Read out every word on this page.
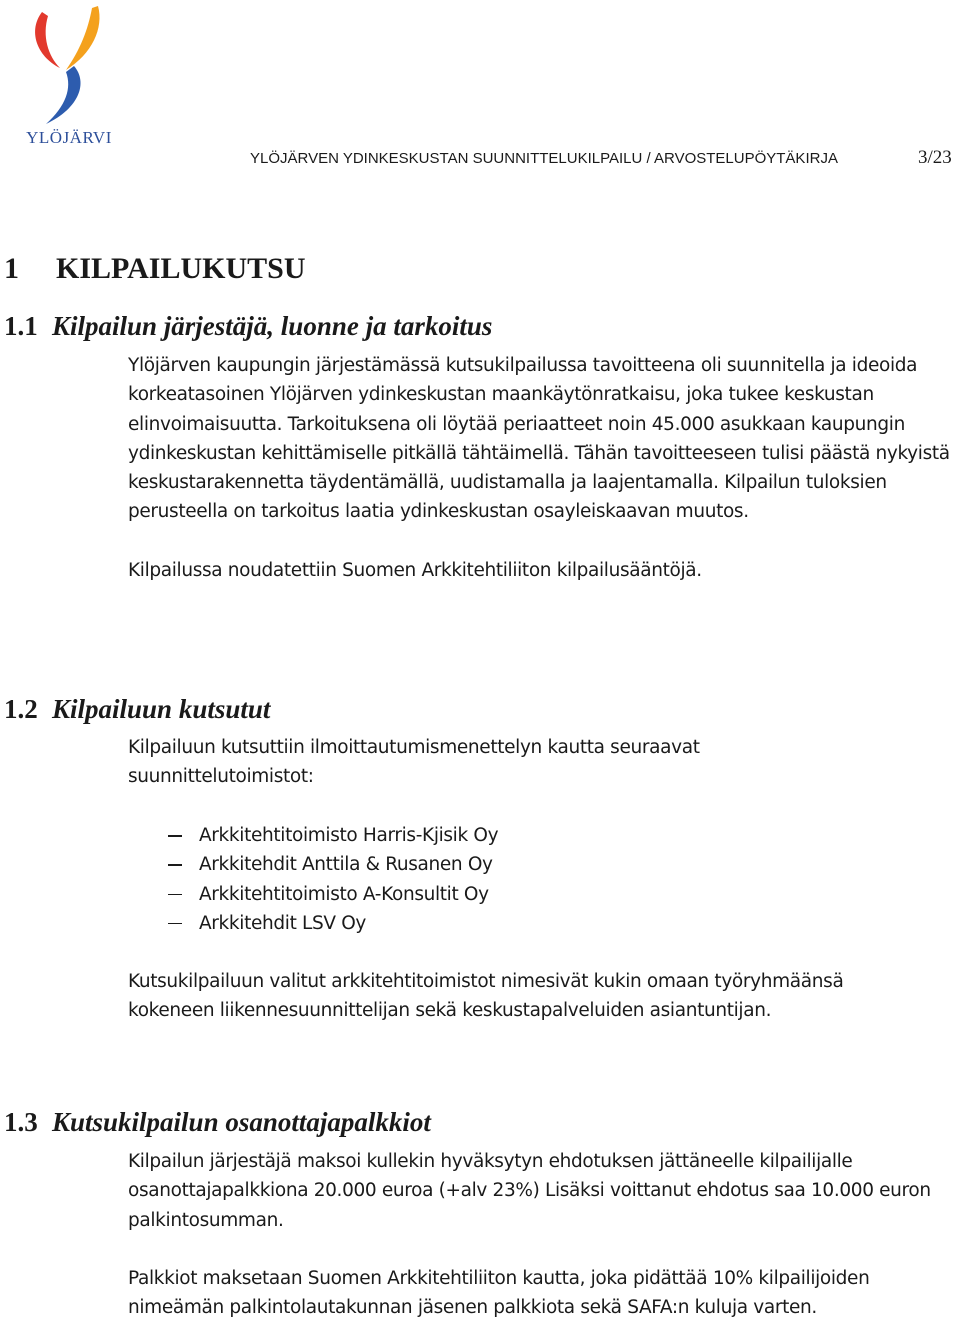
YLÖJÄRVI
YLÖJÄRVEN YDINKESKUSTAN SUUNNITTELUKILPAILU / ARVOSTELUPÖYTÄKIRJA	3/23
1 KILPAILUKUTSU
1.1 Kilpailun järjestäjä, luonne ja tarkoitus

Ylöjärven kaupungin järjestämässä kutsukilpailussa tavoitteena oli suunnitella ja ideoida korkeatasoinen Ylöjärven ydinkeskustan maankäytönratkaisu, joka tukee keskustan elinvoimaisuutta. Tarkoituksena oli löytää periaatteet noin 45.000 asukkaan kaupungin ydinkeskustan kehittämiselle pitkällä tähtäimellä. Tähän tavoitteeseen tulisi päästä nykyistä keskustarakennetta täydentämällä, uudistamalla ja laajentamalla. Kilpailun tuloksien perusteella on tarkoitus laatia ydinkeskustan osayleiskaavan muutos.

Kilpailussa noudatettiin Suomen Arkkitehtiliiton kilpailusääntöjä.

1.2 Kilpailuun kutsutut

Kilpailuun kutsuttiin ilmoittautumismenettelyn kautta seuraavat suunnittelutoimistot:

Arkkitehtitoimisto Harris-Kjisik Oy
Arkkitehdit Anttila & Rusanen Oy
Arkkitehtitoimisto A-Konsultit Oy
Arkkitehdit LSV Oy

Kutsukilpailuun valitut arkkitehtitoimistot nimesivät kukin omaan työryhmäänsä kokeneen liikennesuunnittelijan sekä keskustapalveluiden asiantuntijan.

1.3 Kutsukilpailun osanottajapalkkiot

Kilpailun järjestäjä maksoi kullekin hyväksytyn ehdotuksen jättäneelle kilpailijalle osanottajapalkkiona 20.000 euroa (+alv 23%) Lisäksi voittanut ehdotus saa 10.000 euron palkintosumman.

Palkkiot maksetaan Suomen Arkkitehtiliiton kautta, joka pidättää 10% kilpailijoiden nimeämän palkintolautakunnan jäsenen palkkiota sekä SAFA:n kuluja varten.
